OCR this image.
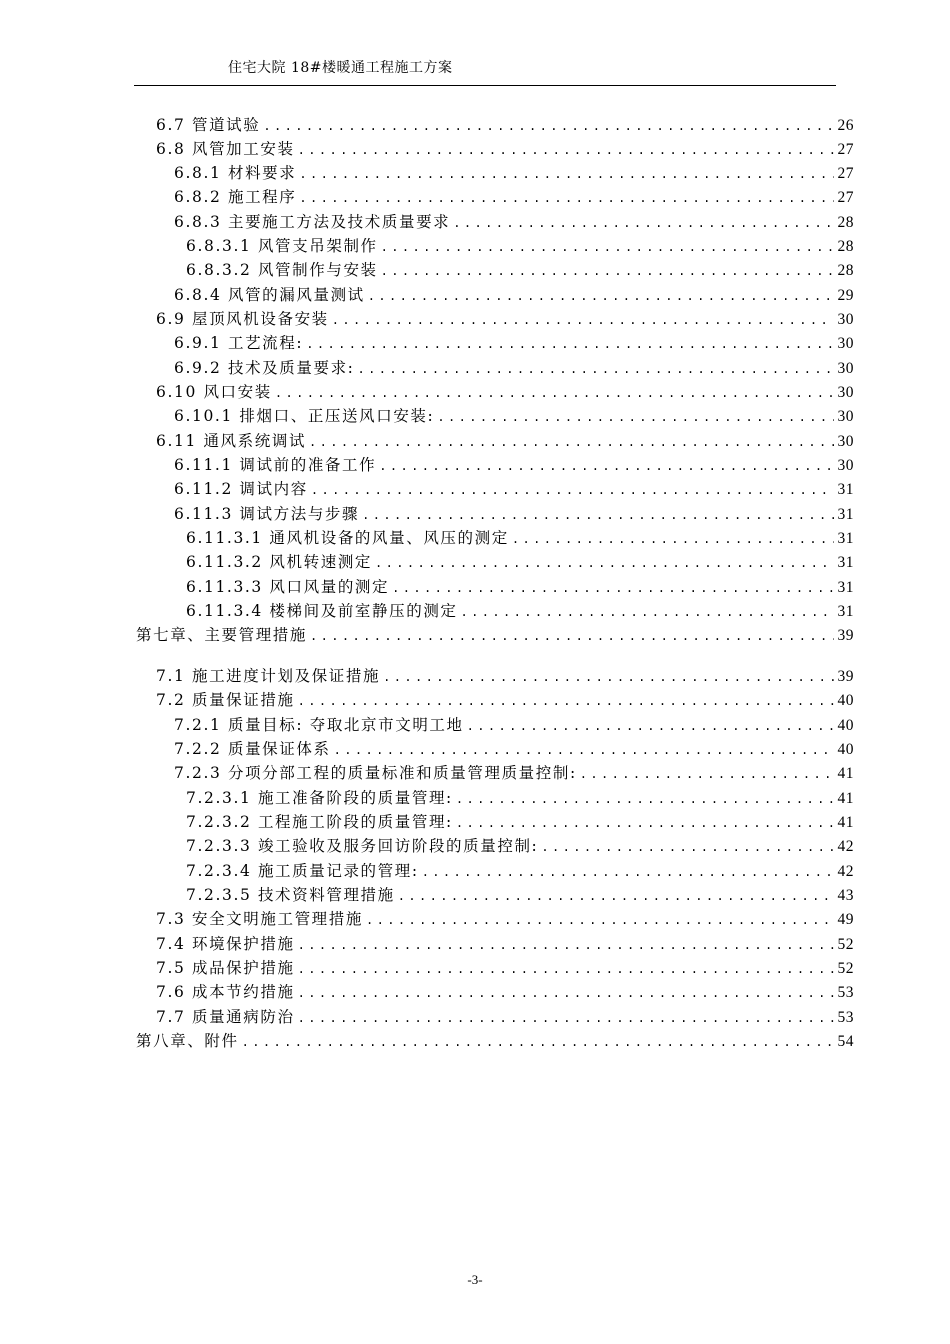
住宅大院 18#楼暖通工程施工方案
6.7 管道试验 .....	26
6.8 风管加工安装 .....	27
6.8.1 材料要求 .....	27
6.8.2 施工程序 .....	27
6.8.3 主要施工方法及技术质量要求 .....	28
6.8.3.1 风管支吊架制作 .....	28
6.8.3.2 风管制作与安装 .....	28
6.8.4 风管的漏风量测试 .....	29
6.9 屋顶风机设备安装 .....	30
6.9.1 工艺流程: .....	30
6.9.2 技术及质量要求: .....	30
6.10 风口安装 .....	30
6.10.1 排烟口、正压送风口安装: .....	30
6.11 通风系统调试 .....	30
6.11.1 调试前的准备工作 .....	30
6.11.2 调试内容 .....	31
6.11.3 调试方法与步骤 .....	31
6.11.3.1 通风机设备的风量、风压的测定 .....	31
6.11.3.2 风机转速测定 .....	31
6.11.3.3 风口风量的测定 .....	31
6.11.3.4 楼梯间及前室静压的测定 .....	31
第七章、主要管理措施 .....	39
7.1 施工进度计划及保证措施 .....	39
7.2 质量保证措施 .....	40
7.2.1 质量目标: 夺取北京市文明工地 .....	40
7.2.2 质量保证体系 .....	40
7.2.3 分项分部工程的质量标准和质量管理质量控制: .....	41
7.2.3.1 施工准备阶段的质量管理: .....	41
7.2.3.2 工程施工阶段的质量管理: .....	41
7.2.3.3 竣工验收及服务回访阶段的质量控制: .....	42
7.2.3.4 施工质量记录的管理: .....	42
7.2.3.5 技术资料管理措施 .....	43
7.3 安全文明施工管理措施 .....	49
7.4 环境保护措施 .....	52
7.5 成品保护措施 .....	52
7.6 成本节约措施 .....	53
7.7 质量通病防治 .....	53
第八章、附件 .....	54
-3-
